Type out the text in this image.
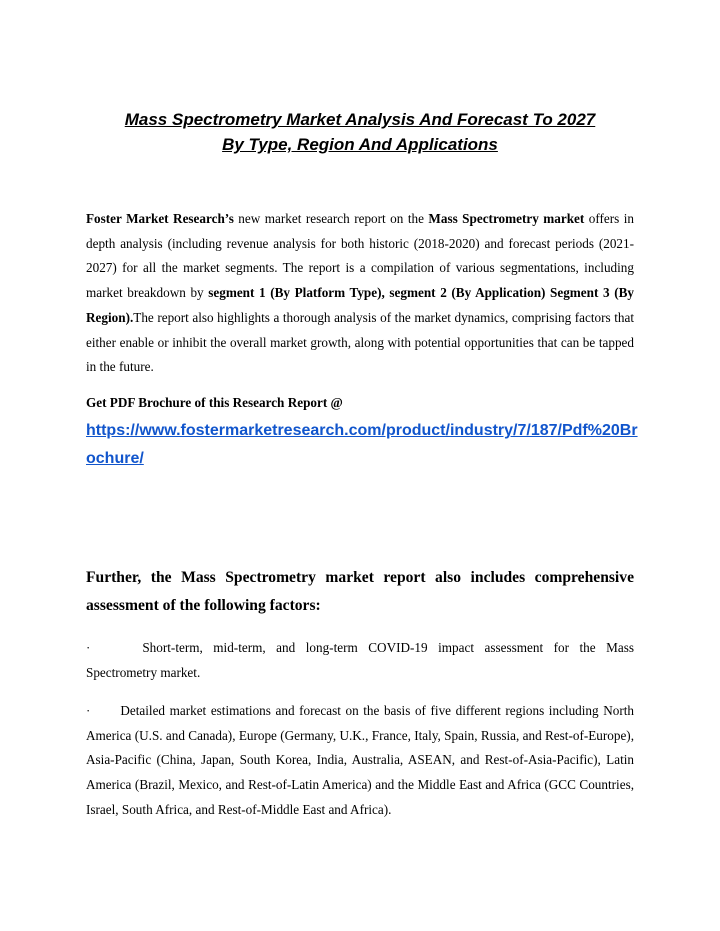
Mass Spectrometry Market Analysis And Forecast To 2027
By Type, Region And Applications

Foster Market Research’s new market research report on the Mass Spectrometry market offers in depth analysis (including revenue analysis for both historic (2018-2020) and forecast periods (2021-2027) for all the market segments. The report is a compilation of various segmentations, including market breakdown by segment 1 (By Platform Type), segment 2 (By Application) Segment 3 (By Region).The report also highlights a thorough analysis of the market dynamics, comprising factors that either enable or inhibit the overall market growth, along with potential opportunities that can be tapped in the future.

Get PDF Brochure of this Research Report @

https://www.fostermarketresearch.com/product/industry/7/187/Pdf%20Brochure/

Further, the Mass Spectrometry market report also includes comprehensive assessment of the following factors:

·	Short-term, mid-term, and long-term COVID-19 impact assessment for the Mass Spectrometry market.

· Detailed market estimations and forecast on the basis of five different regions including North America (U.S. and Canada), Europe (Germany, U.K., France, Italy, Spain, Russia, and Rest-of-Europe), Asia-Pacific (China, Japan, South Korea, India, Australia, ASEAN, and Rest-of-Asia-Pacific), Latin America (Brazil, Mexico, and Rest-of-Latin America) and the Middle East and Africa (GCC Countries, Israel, South Africa, and Rest-of-Middle East and Africa).
